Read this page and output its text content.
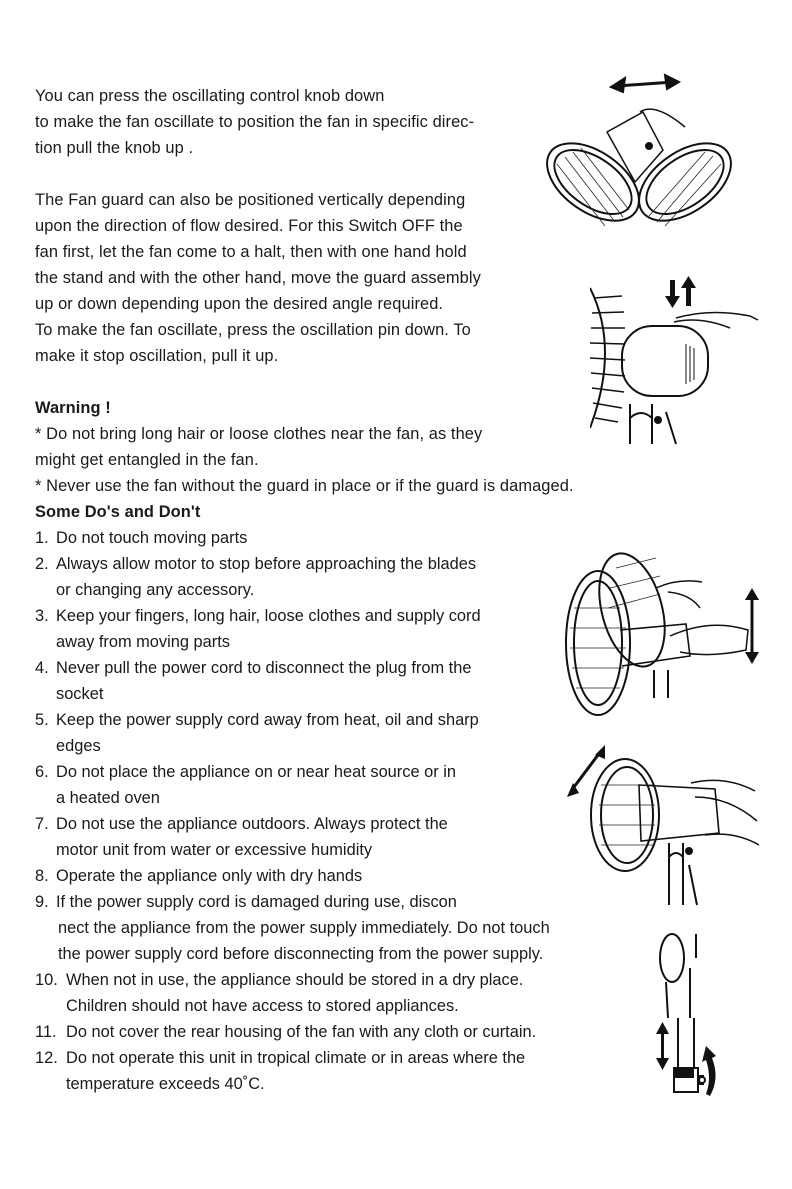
You can press the oscillating control knob down
to make the fan oscillate to position the fan in specific direc-
tion pull the knob up .
The Fan guard can also be positioned vertically depending
upon the direction of flow desired. For this Switch OFF the
fan first, let the fan come to a halt, then with one hand hold
the stand and with the other hand, move the guard assembly
up or down depending upon the desired angle required.
To make the fan oscillate, press the oscillation pin down. To
make it stop oscillation, pull it up.
Warning !
* Do not bring long hair or loose clothes near the fan, as they
might get entangled in the fan.
* Never use the fan without the guard in place or if the guard is damaged.
Some Do's and Don't
1. Do not touch moving parts
2. Always allow motor to stop before approaching the blades
or changing any accessory.
3. Keep your fingers, long hair, loose clothes and supply cord
away from moving parts
4. Never pull the power cord to disconnect the plug from the
socket
5. Keep the power supply cord away from heat, oil and sharp
edges
6. Do not place the appliance on or near heat source or in
a heated oven
7. Do not use the appliance outdoors. Always protect the
motor unit from water or excessive humidity
8. Operate the appliance only with dry hands
9. If the power supply cord is damaged during use, discon
nect the appliance from the power supply immediately. Do not touch
the power supply cord before disconnecting from the power supply.
10. When not in use, the appliance should be stored in a dry place.
Children should not have access to stored appliances.
11. Do not cover the rear housing of the fan with any cloth or curtain.
12. Do not operate this unit in tropical climate or in areas where the
temperature exceeds 40˚C.
